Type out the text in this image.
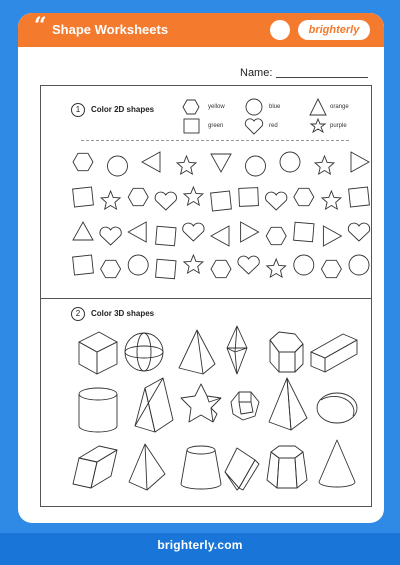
brighterly.com
“ Shape Worksheets	brighterly
Name:
1	Color 2D shapes	yellow	blue	orange
green	red	purple
2	Color 3D shapes
